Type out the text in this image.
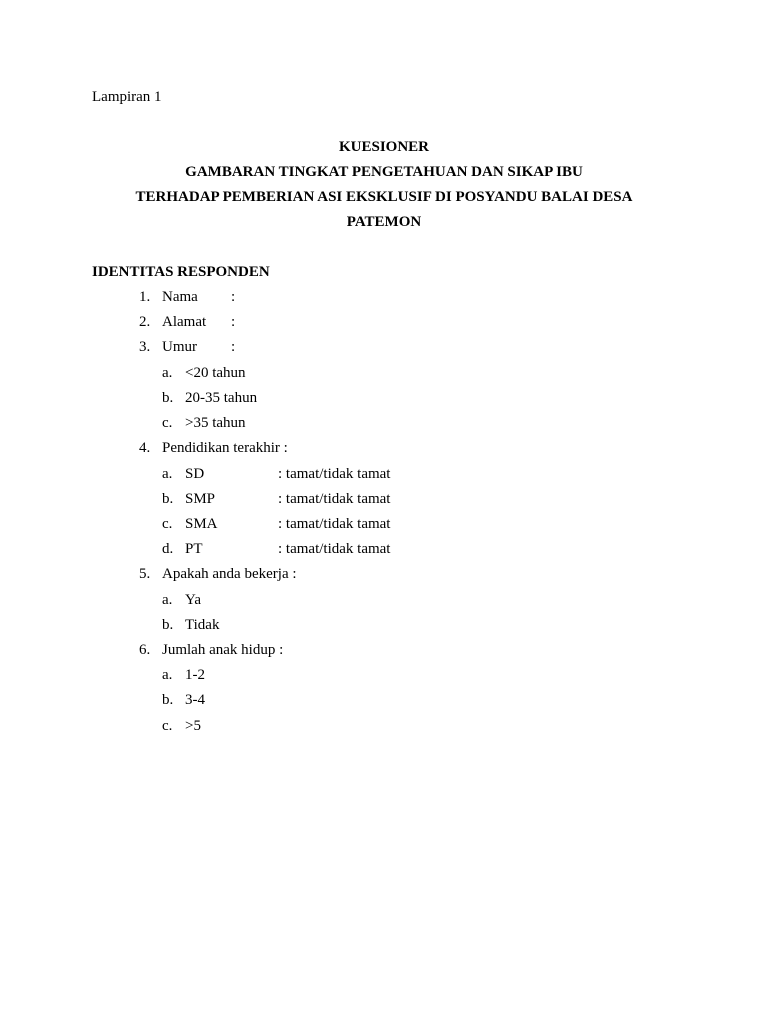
Lampiran 1
KUESIONER
GAMBARAN TINGKAT PENGETAHUAN DAN SIKAP IBU
TERHADAP PEMBERIAN ASI EKSKLUSIF DI POSYANDU BALAI DESA
PATEMON
IDENTITAS RESPONDEN
1. Nama :
2. Alamat :
3. Umur :
a. <20 tahun
b. 20-35 tahun
c. >35 tahun
4. Pendidikan terakhir :
a. SD	: tamat/tidak tamat
b. SMP	: tamat/tidak tamat
c. SMA	: tamat/tidak tamat
d. PT	: tamat/tidak tamat
5. Apakah anda bekerja :
a. Ya
b. Tidak
6. Jumlah anak hidup :
a. 1-2
b. 3-4
c. >5
